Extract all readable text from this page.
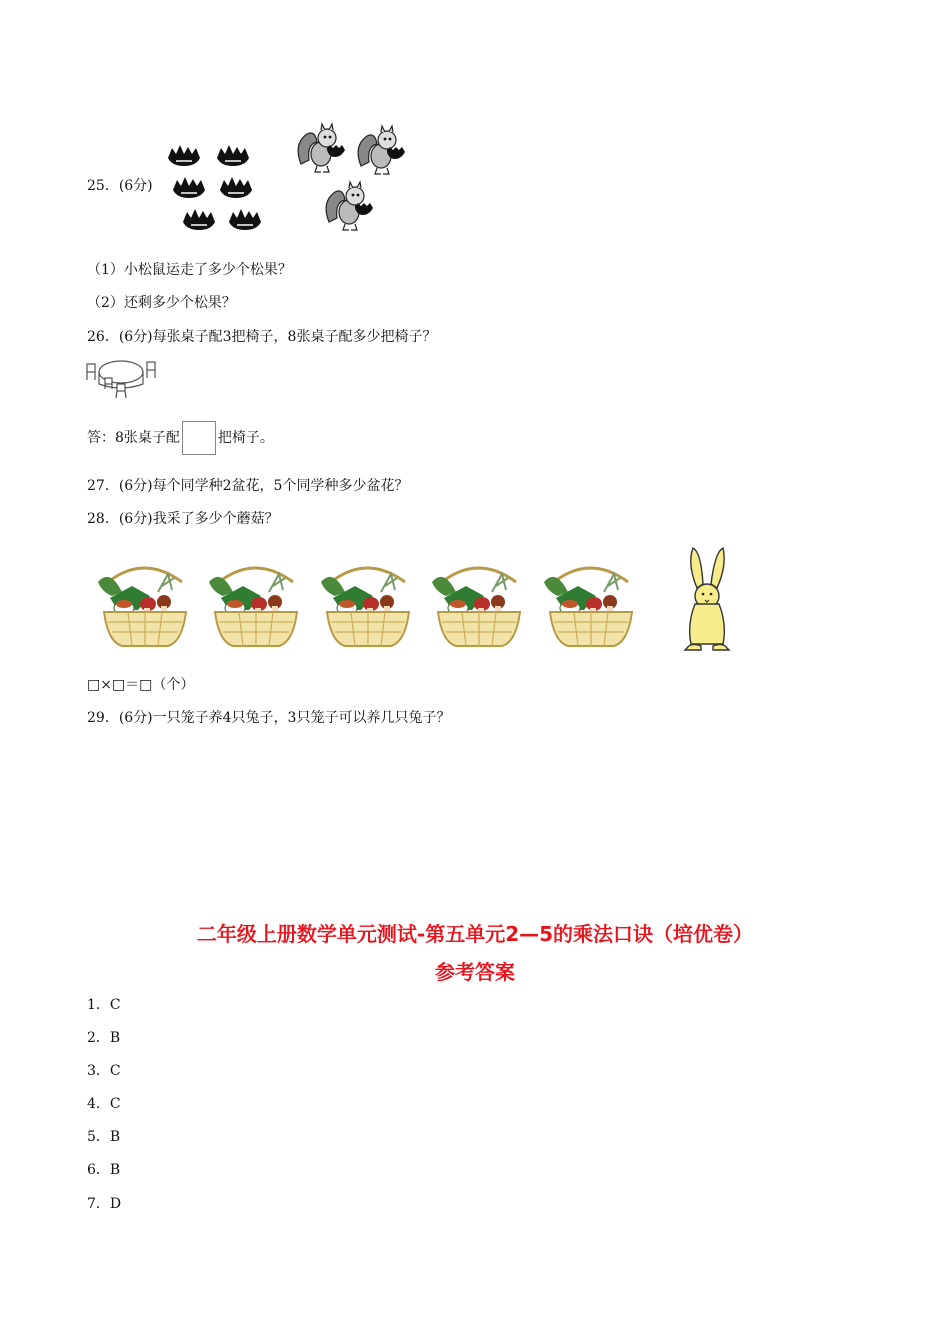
25．(6分)
（1）小松鼠运走了多少个松果？
（2）还剩多少个松果？
26．(6分)每张桌子配3把椅子，8张桌子配多少把椅子？
答：8张桌子配	把椅子。
27．(6分)每个同学种2盆花，5个同学种多少盆花？
28．(6分)我采了多少个蘑菇？
□×□＝□（个）
29．(6分)一只笼子养4只兔子，3只笼子可以养几只兔子？
二年级上册数学单元测试-第五单元2—5的乘法口诀（培优卷）
参考答案
1．C
2．B
3．C
4．C
5．B
6．B
7．D
